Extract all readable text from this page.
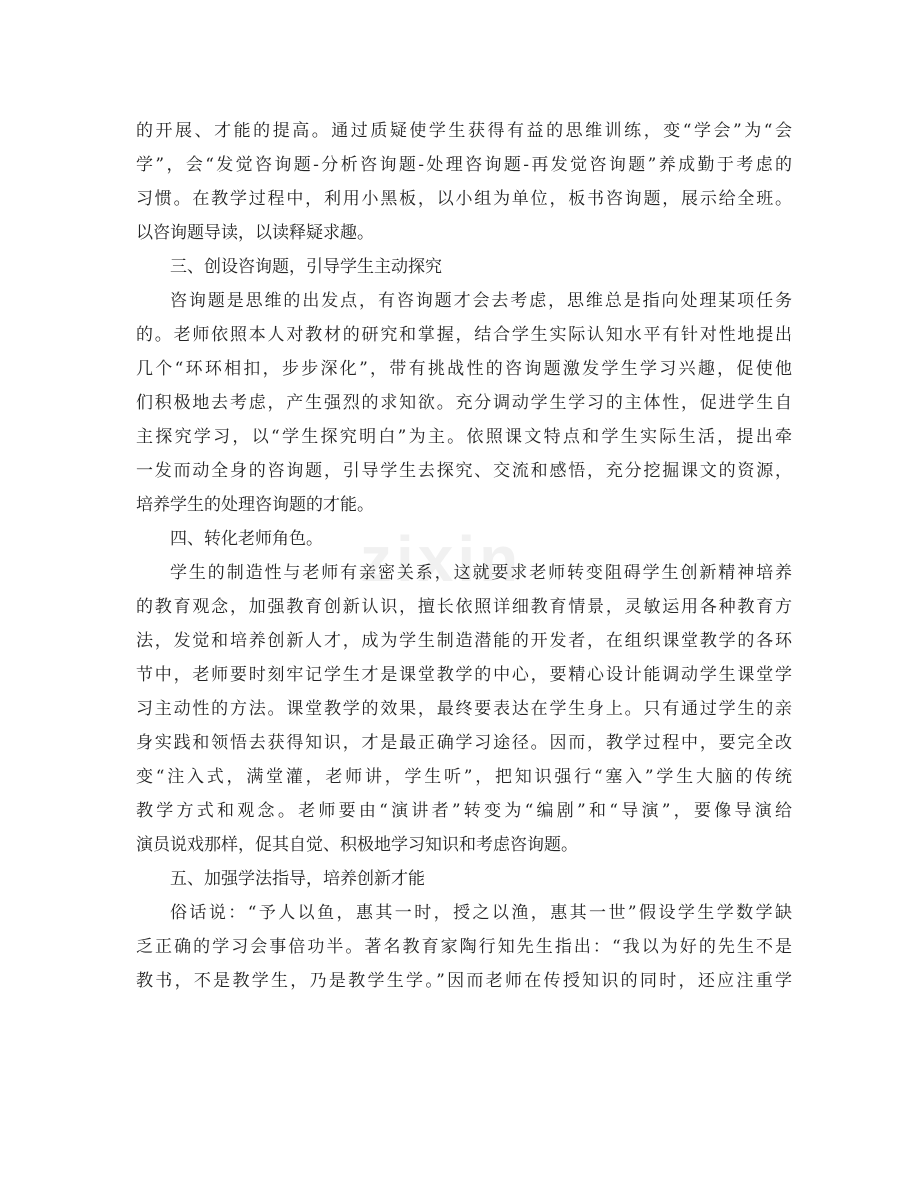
zixin
的开展、才能的提高。通过质疑使学生获得有益的思维训练，变“学会”为“会
学”，会“发觉咨询题-分析咨询题-处理咨询题-再发觉咨询题”养成勤于考虑的
习惯。在教学过程中，利用小黑板，以小组为单位，板书咨询题，展示给全班。
以咨询题导读，以读释疑求趣。
三、创设咨询题，引导学生主动探究
咨询题是思维的出发点，有咨询题才会去考虑，思维总是指向处理某项任务
的。老师依照本人对教材的研究和掌握，结合学生实际认知水平有针对性地提出
几个“环环相扣，步步深化”，带有挑战性的咨询题激发学生学习兴趣，促使他
们积极地去考虑，产生强烈的求知欲。充分调动学生学习的主体性，促进学生自
主探究学习，以“学生探究明白”为主。依照课文特点和学生实际生活，提出牵
一发而动全身的咨询题，引导学生去探究、交流和感悟，充分挖掘课文的资源，
培养学生的处理咨询题的才能。
四、转化老师角色。
学生的制造性与老师有亲密关系，这就要求老师转变阻碍学生创新精神培养
的教育观念，加强教育创新认识，擅长依照详细教育情景，灵敏运用各种教育方
法，发觉和培养创新人才，成为学生制造潜能的开发者，在组织课堂教学的各环
节中，老师要时刻牢记学生才是课堂教学的中心，要精心设计能调动学生课堂学
习主动性的方法。课堂教学的效果，最终要表达在学生身上。只有通过学生的亲
身实践和领悟去获得知识，才是最正确学习途径。因而，教学过程中，要完全改
变“注入式，满堂灌，老师讲，学生听”，把知识强行“塞入”学生大脑的传统
教学方式和观念。老师要由“演讲者”转变为“编剧”和“导演”，要像导演给
演员说戏那样，促其自觉、积极地学习知识和考虑咨询题。
五、加强学法指导，培养创新才能
俗话说：“予人以鱼，惠其一时，授之以渔，惠其一世”假设学生学数学缺
乏正确的学习会事倍功半。著名教育家陶行知先生指出：“我以为好的先生不是
教书，不是教学生，乃是教学生学。”因而老师在传授知识的同时，还应注重学
